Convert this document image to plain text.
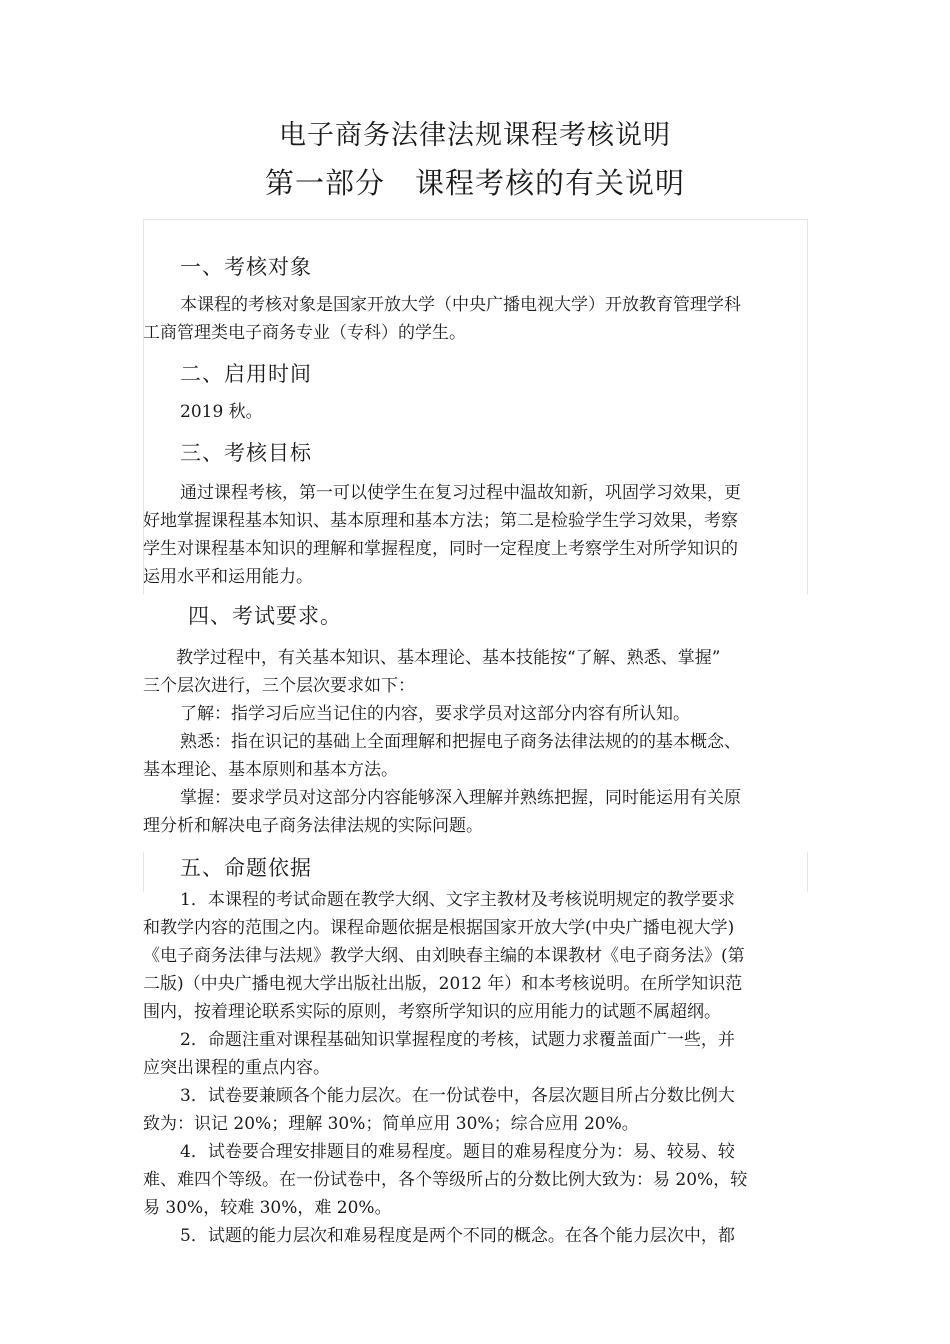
电子商务法律法规课程考核说明
第一部分　课程考核的有关说明
一、考核对象
本课程的考核对象是国家开放大学（中央广播电视大学）开放教育管理学科
工商管理类电子商务专业（专科）的学生。
二、启用时间
2019 秋。
三、考核目标
通过课程考核，第一可以使学生在复习过程中温故知新，巩固学习效果，更
好地掌握课程基本知识、基本原理和基本方法；第二是检验学生学习效果，考察
学生对课程基本知识的理解和掌握程度，同时一定程度上考察学生对所学知识的
运用水平和运用能力。
四、考试要求。
教学过程中，有关基本知识、基本理论、基本技能按“了解、熟悉、掌握”
三个层次进行，三个层次要求如下：
了解：指学习后应当记住的内容，要求学员对这部分内容有所认知。
熟悉：指在识记的基础上全面理解和把握电子商务法律法规的的基本概念、
基本理论、基本原则和基本方法。
掌握：要求学员对这部分内容能够深入理解并熟练把握，同时能运用有关原
理分析和解决电子商务法律法规的实际问题。
五、命题依据
1．本课程的考试命题在教学大纲、文字主教材及考核说明规定的教学要求
和教学内容的范围之内。课程命题依据是根据国家开放大学(中央广播电视大学)
《电子商务法律与法规》教学大纲、由刘映春主编的本课教材《电子商务法》(第
二版)（中央广播电视大学出版社出版，2012 年）和本考核说明。在所学知识范
围内，按着理论联系实际的原则，考察所学知识的应用能力的试题不属超纲。
2．命题注重对课程基础知识掌握程度的考核，试题力求覆盖面广一些，并
应突出课程的重点内容。
3．试卷要兼顾各个能力层次。在一份试卷中，各层次题目所占分数比例大
致为：识记 20%；理解 30%；简单应用 30%；综合应用 20%。
4．试卷要合理安排题目的难易程度。题目的难易程度分为：易、较易、较
难、难四个等级。在一份试卷中，各个等级所占的分数比例大致为：易 20%，较
易 30%，较难 30%，难 20%。
5．试题的能力层次和难易程度是两个不同的概念。在各个能力层次中，都
